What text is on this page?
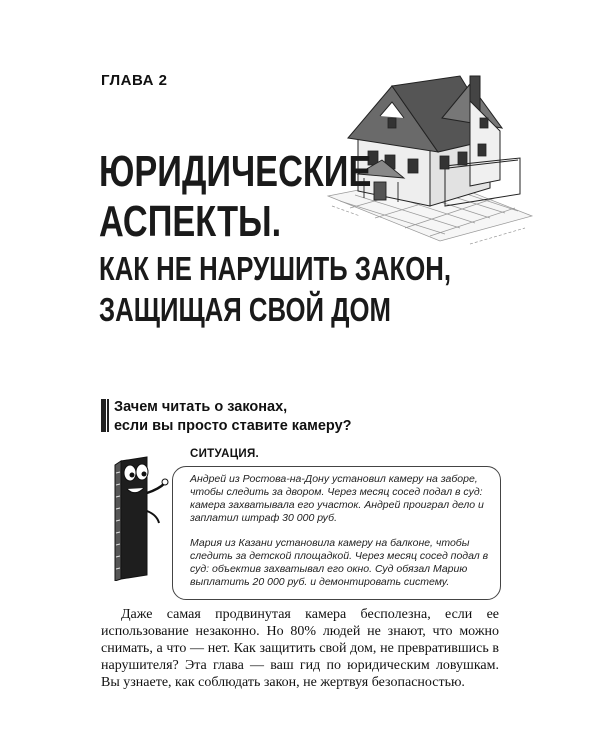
ГЛАВА 2
ЮРИДИЧЕСКИЕ
АСПЕКТЫ.
КАК НЕ НАРУШИТЬ ЗАКОН,
ЗАЩИЩАЯ СВОЙ ДОМ
Зачем читать о законах,
если вы просто ставите камеру?
СИТУАЦИЯ.
Андрей из Ростова-на-Дону установил камеру на заборе, чтобы следить за двором. Через месяц сосед подал в суд: камера захватывала его участок. Андрей проиграл дело и заплатил штраф 30 000 руб.
Мария из Казани установила камеру на балконе, чтобы следить за детской площадкой. Через месяц сосед подал в суд: объектив захватывал его окно. Суд обязал Марию выплатить 20 000 руб. и демонтировать систему.
Даже самая продвинутая камера бесполезна, если ее использование незаконно. Но 80% людей не знают, что можно снимать, а что — нет. Как защитить свой дом, не превратившись в нарушителя? Эта глава — ваш гид по юридическим ловушкам. Вы узнаете, как соблюдать закон, не жертвуя безопасностью.
